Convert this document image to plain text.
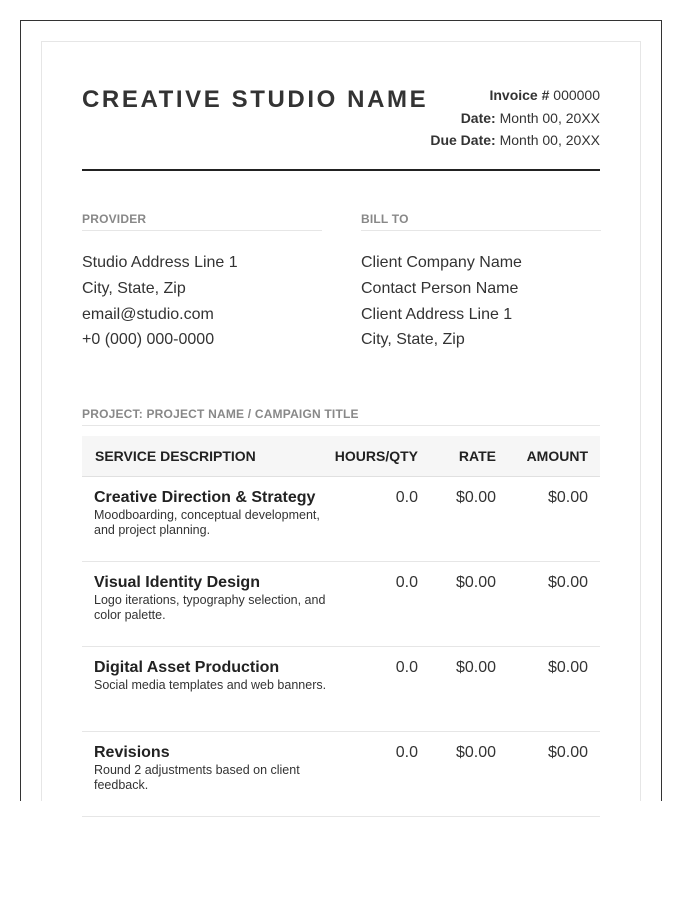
CREATIVE STUDIO NAME	Invoice # 000000
Date: Month 00, 20XX
Due Date: Month 00, 20XX
PROVIDER
Studio Address Line 1
City, State, Zip
email@studio.com
+0 (000) 000-0000
BILL TO
Client Company Name
Contact Person Name
Client Address Line 1
City, State, Zip
PROJECT: PROJECT NAME / CAMPAIGN TITLE
SERVICE DESCRIPTION	HOURS/QTY	RATE	AMOUNT

Creative Direction & Strategy
Moodboarding, conceptual development, and project planning.	0.0	$0.00	$0.00

Visual Identity Design
Logo iterations, typography selection, and color palette.	0.0	$0.00	$0.00

Digital Asset Production
Social media templates and web banners.	0.0	$0.00	$0.00

Revisions
Round 2 adjustments based on client feedback.	0.0	$0.00	$0.00
